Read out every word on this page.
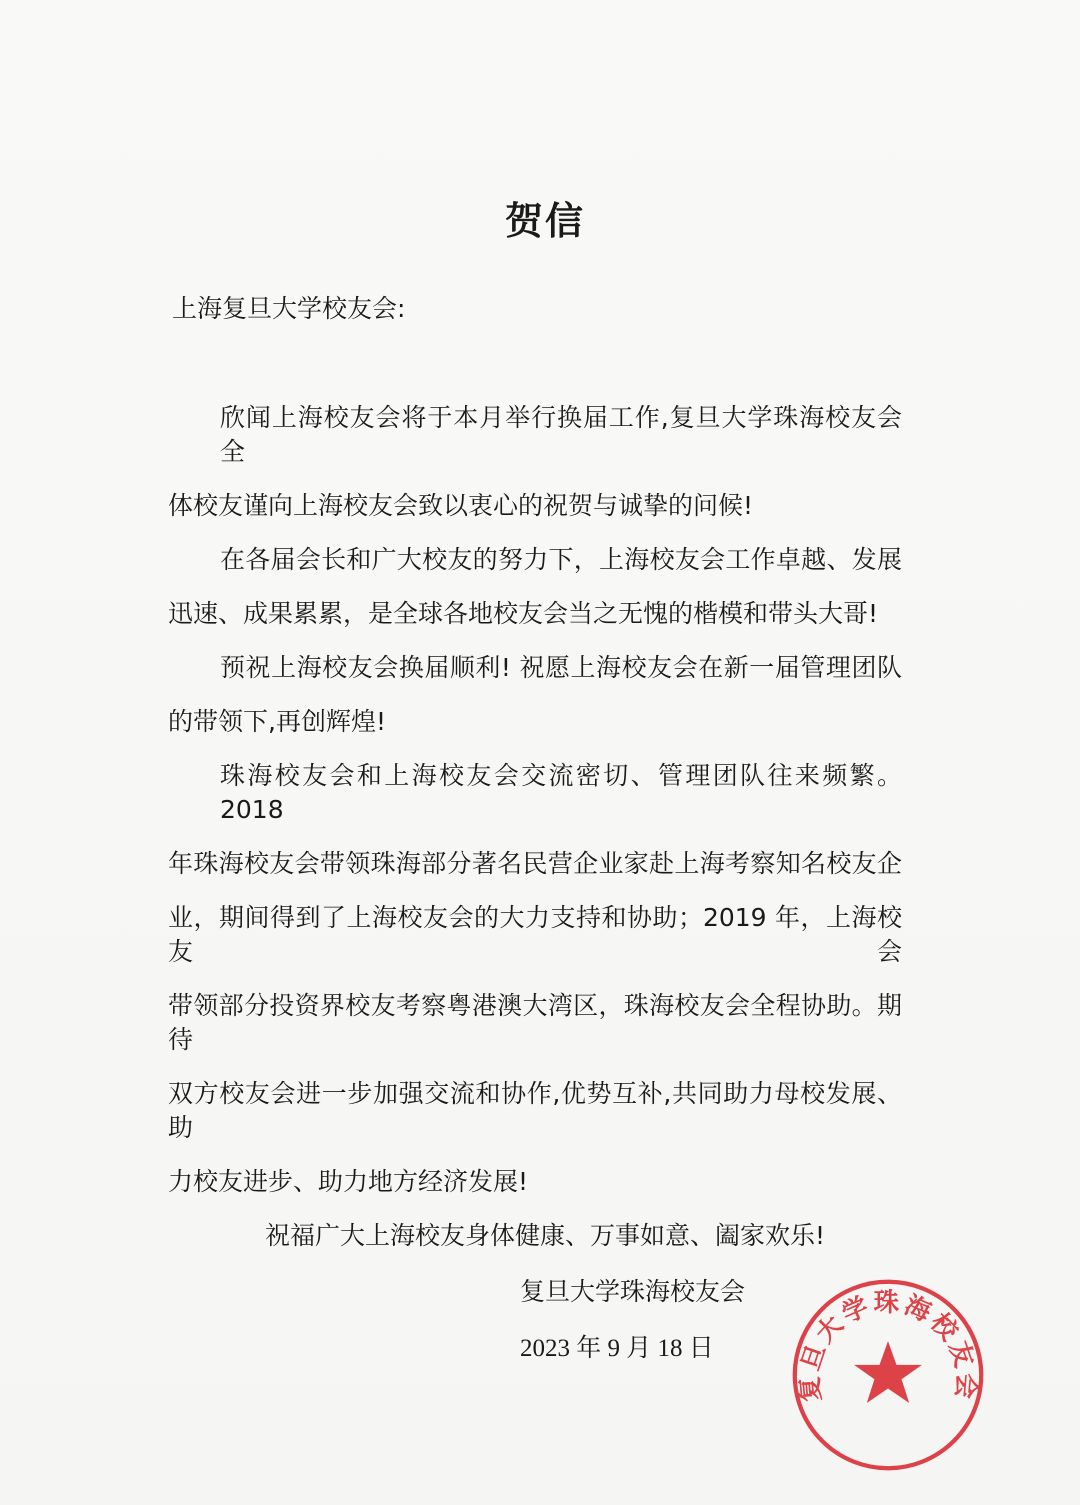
贺信
上海复旦大学校友会:
欣闻上海校友会将于本月举行换届工作,复旦大学珠海校友会全
体校友谨向上海校友会致以衷心的祝贺与诚挚的问候!
在各届会长和广大校友的努力下，上海校友会工作卓越、发展
迅速、成果累累，是全球各地校友会当之无愧的楷模和带头大哥!
预祝上海校友会换届顺利! 祝愿上海校友会在新一届管理团队
的带领下,再创辉煌!
珠海校友会和上海校友会交流密切、管理团队往来频繁。2018
年珠海校友会带领珠海部分著名民营企业家赴上海考察知名校友企
业，期间得到了上海校友会的大力支持和协助；2019 年，上海校友会
带领部分投资界校友考察粤港澳大湾区，珠海校友会全程协助。期待
双方校友会进一步加强交流和协作,优势互补,共同助力母校发展、助
力校友进步、助力地方经济发展!
祝福广大上海校友身体健康、万事如意、阖家欢乐!
复旦大学珠海校友会
2023 年 9 月 18 日
复旦大学珠海校友会
